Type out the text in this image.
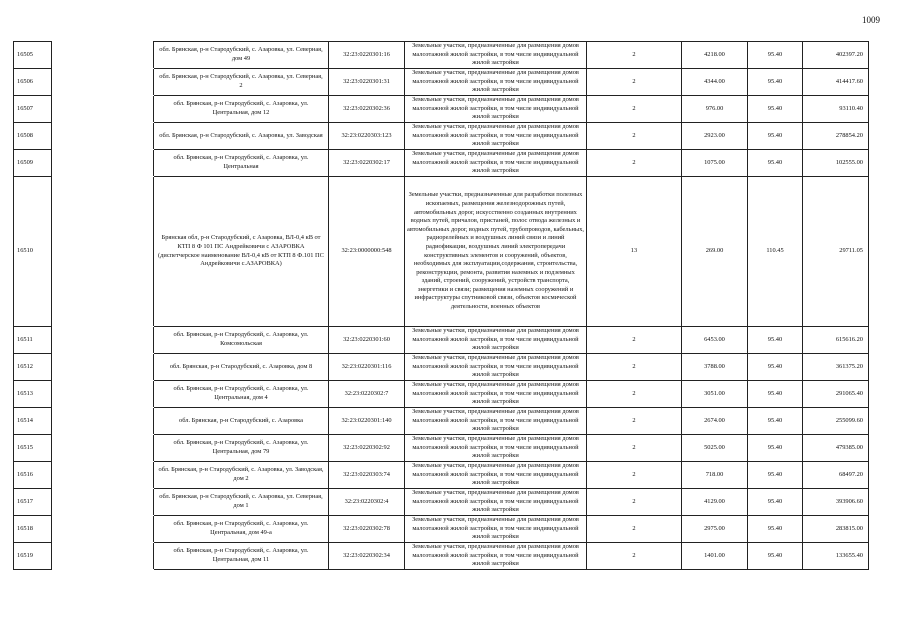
1009
16505		обл. Брянская, р-н Стародубский, с. Азаровка, ул. Северная, дом 49	32:23:0220301:16	Земельные участки, предназначенные для размещения домов малоэтажной жилой застройки, в том числе индивидуальной жилой застройки	2	4218.00	95.40	402397.20
16506		обл. Брянская, р-н Стародубский, с. Азаровка, ул. Северная, 2	32:23:0220301:31	Земельные участки, предназначенные для размещения домов малоэтажной жилой застройки, в том числе индивидуальной жилой застройки	2	4344.00	95.40	414417.60
16507		обл. Брянская, р-н Стародубский, с. Азаровка, ул. Центральная, дом 12	32:23:0220302:36	Земельные участки, предназначенные для размещения домов малоэтажной жилой застройки, в том числе индивидуальной жилой застройки	2	976.00	95.40	93110.40
16508		обл. Брянская, р-н Стародубский, с. Азаровка, ул. Заводская	32:23:0220303:123	Земельные участки, предназначенные для размещения домов малоэтажной жилой застройки, в том числе индивидуальной жилой застройки	2	2923.00	95.40	278854.20
16509		обл. Брянская, р-н Стародубский, с. Азаровка, ул. Центральная	32:23:0220302:17	Земельные участки, предназначенные для размещения домов малоэтажной жилой застройки, в том числе индивидуальной жилой застройки	2	1075.00	95.40	102555.00
16510		Брянская обл, р-н Стародубский, с Азаровка, ВЛ-0,4 кВ от КТП 8 Ф 101 ПС Андрейковичи с АЗАРОВКА (диспетчерское наименование ВЛ-0,4 кВ от КТП 8 Ф.101 ПС Андрейковичи с.АЗАРОВКА)	32:23:0000000:548	Земельные участки, предназначенные для разработки полезных ископаемых, размещения железнодорожных путей, автомобильных дорог, искусственно созданных внутренних водных путей, причалов, пристаней, полос отвода железных и автомобильных дорог, водных путей, трубопроводов, кабельных, радиорелейных и воздушных линий связи и линий радиофикации, воздушных линий электропередачи конструктивных элементов и сооружений, объектов, необходимых для эксплуатации,содержания, строительства, реконструкции, ремонта, развития наземных и подземных зданий, строений, сооружений, устройств транспорта, энергетики и связи; размещения наземных сооружений и инфраструктуры спутниковой связи, объектов космической деятельности, военных объектов	13	269.00	110.45	29711.05
16511		обл. Брянская, р-н Стародубский, с. Азаровка, ул. Комсомольская	32:23:0220301:60	Земельные участки, предназначенные для размещения домов малоэтажной жилой застройки, в том числе индивидуальной жилой застройки	2	6453.00	95.40	615616.20
16512		обл. Брянская, р-н Стародубский, с. Азаровка, дом 8	32:23:0220301:116	Земельные участки, предназначенные для размещения домов малоэтажной жилой застройки, в том числе индивидуальной жилой застройки	2	3788.00	95.40	361375.20
16513		обл. Брянская, р-н Стародубский, с. Азаровка, ул. Центральная, дом 4	32:23:0220302:7	Земельные участки, предназначенные для размещения домов малоэтажной жилой застройки, в том числе индивидуальной жилой застройки	2	3051.00	95.40	291065.40
16514		обл. Брянская, р-н Стародубский, с. Азаровка	32:23:0220301:140	Земельные участки, предназначенные для размещения домов малоэтажной жилой застройки, в том числе индивидуальной жилой застройки	2	2674.00	95.40	255099.60
16515		обл. Брянская, р-н Стародубский, с. Азаровка, ул. Центральная, дом 79	32:23:0220302:92	Земельные участки, предназначенные для размещения домов малоэтажной жилой застройки, в том числе индивидуальной жилой застройки	2	5025.00	95.40	479385.00
16516		обл. Брянская, р-н Стародубский, с. Азаровка, ул. Заводская, дом 2	32:23:0220303:74	Земельные участки, предназначенные для размещения домов малоэтажной жилой застройки, в том числе индивидуальной жилой застройки	2	718.00	95.40	68497.20
16517		обл. Брянская, р-н Стародубский, с. Азаровка, ул. Северная, дом 1	32:23:0220302:4	Земельные участки, предназначенные для размещения домов малоэтажной жилой застройки, в том числе индивидуальной жилой застройки	2	4129.00	95.40	393906.60
16518		обл. Брянская, р-н Стародубский, с. Азаровка, ул. Центральная, дом 49-а	32:23:0220302:78	Земельные участки, предназначенные для размещения домов малоэтажной жилой застройки, в том числе индивидуальной жилой застройки	2	2975.00	95.40	283815.00
16519		обл. Брянская, р-н Стародубский, с. Азаровка, ул. Центральная, дом 11	32:23:0220302:34	Земельные участки, предназначенные для размещения домов малоэтажной жилой застройки, в том числе индивидуальной жилой застройки	2	1401.00	95.40	133655.40
